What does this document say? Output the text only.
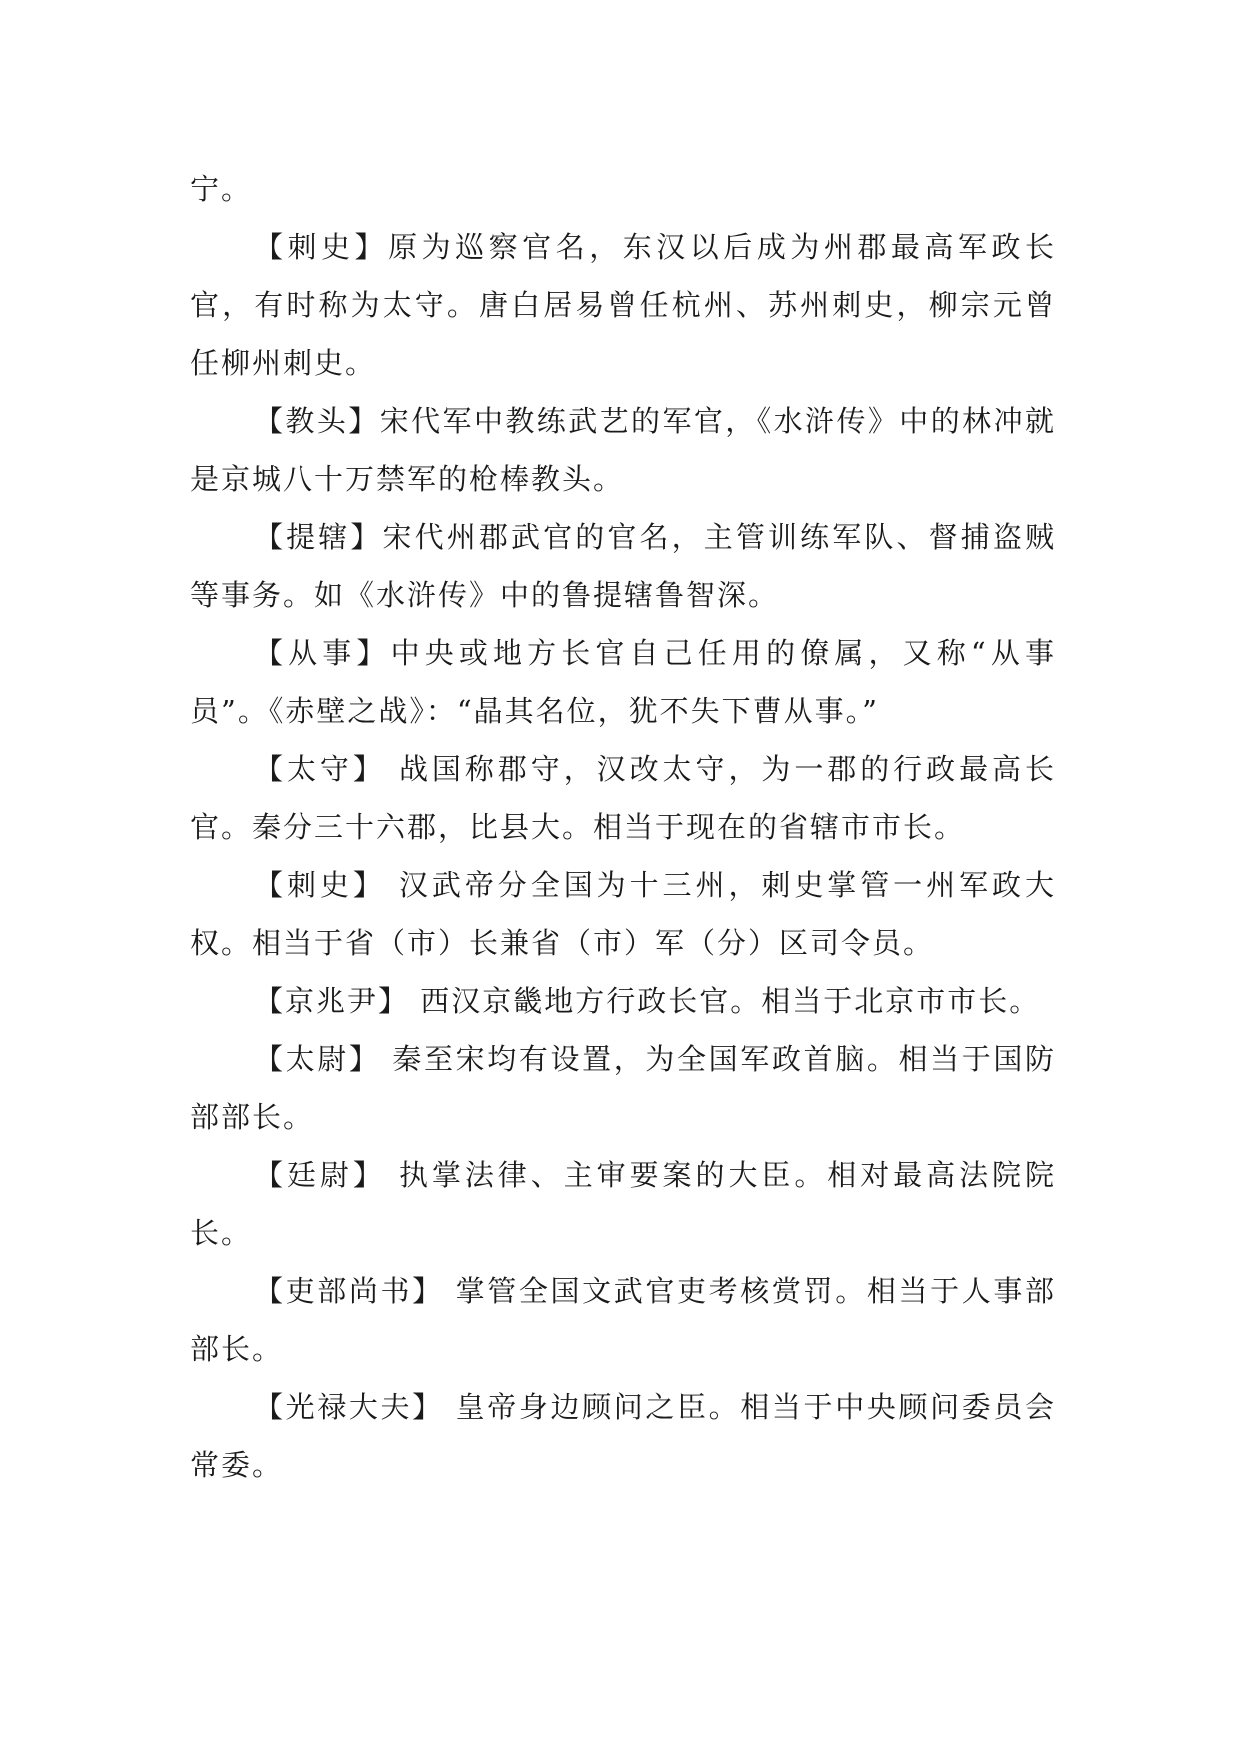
宁。

【刺史】原为巡察官名，东汉以后成为州郡最高军政长官，有时称为太守。唐白居易曾任杭州、苏州刺史，柳宗元曾任柳州刺史。

【教头】宋代军中教练武艺的军官，《水浒传》中的林冲就是京城八十万禁军的枪棒教头。

【提辖】宋代州郡武官的官名，主管训练军队、督捕盗贼等事务。如《水浒传》中的鲁提辖鲁智深。

【从事】中央或地方长官自己任用的僚属，又称“从事员”。《赤壁之战》：“晶其名位，犹不失下曹从事。”

【太守】 战国称郡守，汉改太守，为一郡的行政最高长官。秦分三十六郡，比县大。相当于现在的省辖市市长。

【刺史】 汉武帝分全国为十三州，刺史掌管一州军政大权。相当于省（市）长兼省（市）军（分）区司令员。

【京兆尹】 西汉京畿地方行政长官。相当于北京市市长。

【太尉】 秦至宋均有设置，为全国军政首脑。相当于国防部部长。

【廷尉】 执掌法律、主审要案的大臣。相对最高法院院长。

【吏部尚书】 掌管全国文武官吏考核赏罚。相当于人事部部长。

【光禄大夫】 皇帝身边顾问之臣。相当于中央顾问委员会常委。
